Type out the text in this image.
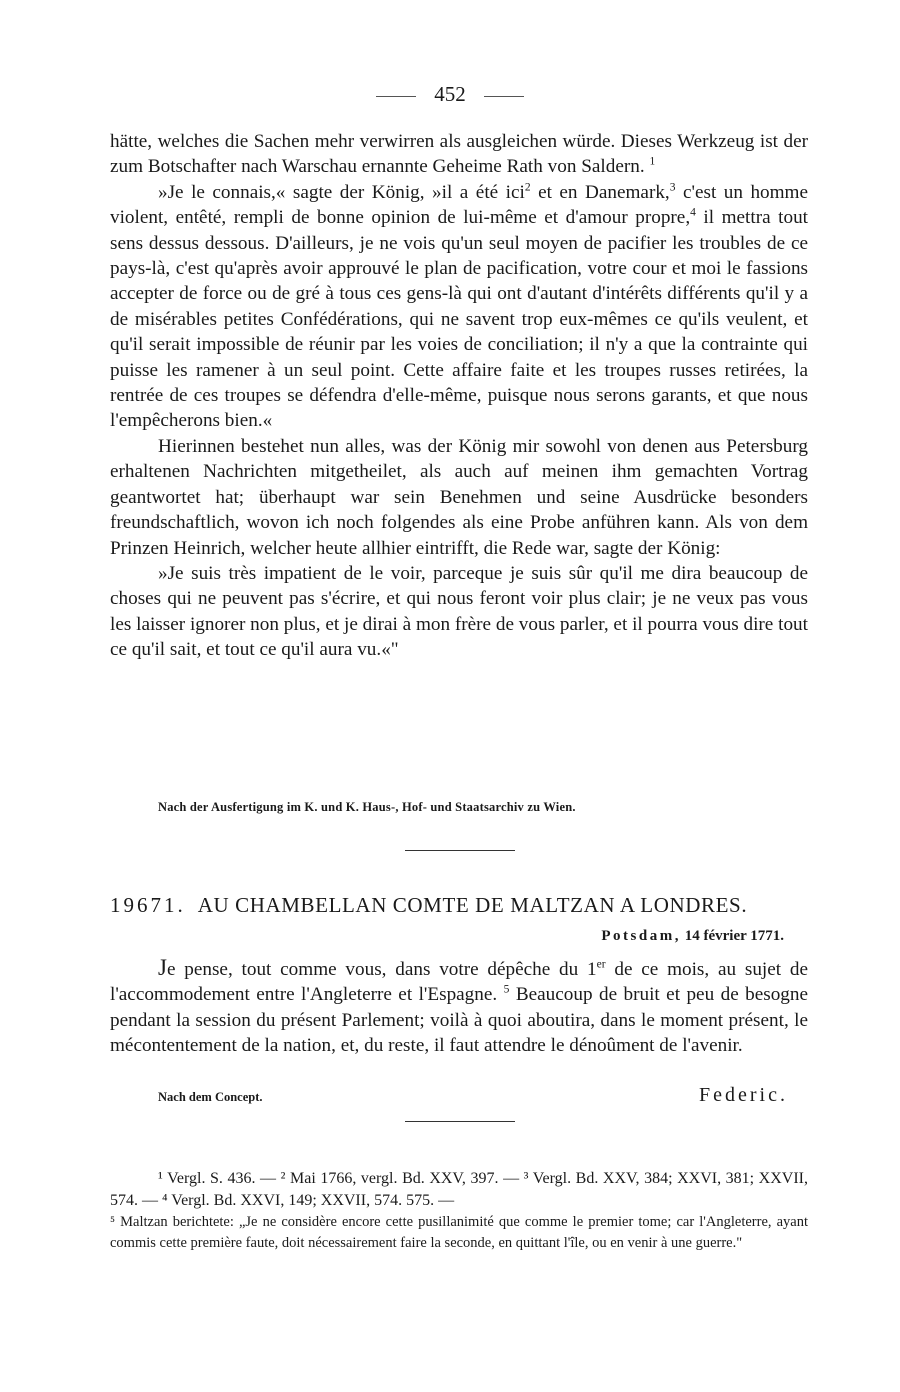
452

hätte, welches die Sachen mehr verwirren als ausgleichen würde. Dieses Werkzeug ist der zum Botschafter nach Warschau ernannte Geheime Rath von Saldern. $^1$

»Je le connais,« sagte der König, »il a été ici$^2$ et en Danemark,$^3$ c'est un homme violent, entêté, rempli de bonne opinion de lui-même et d'amour propre,$^4$ il mettra tout sens dessus dessous. D'ailleurs, je ne vois qu'un seul moyen de pacifier les troubles de ce pays-là, c'est qu'après avoir approuvé le plan de pacification, votre cour et moi le fassions accepter de force ou de gré à tous ces gens-là qui ont d'autant d'intérêts différents qu'il y a de misérables petites Confédérations, qui ne savent trop eux-mêmes ce qu'ils veulent, et qu'il serait impossible de réunir par les voies de conciliation; il n'y a que la contrainte qui puisse les ramener à un seul point. Cette affaire faite et les troupes russes retirées, la rentrée de ces troupes se défendra d'elle-même, puisque nous serons garants, et que nous l'empêcherons bien.«

Hierinnen bestehet nun alles, was der König mir sowohl von denen aus Petersburg erhaltenen Nachrichten mitgetheilet, als auch auf meinen ihm gemachten Vortrag geantwortet hat; überhaupt war sein Benehmen und seine Ausdrücke besonders freundschaftlich, wovon ich noch folgendes als eine Probe anführen kann. Als von dem Prinzen Heinrich, welcher heute allhier eintrifft, die Rede war, sagte der König:

»Je suis très impatient de le voir, parceque je suis sûr qu'il me dira beaucoup de choses qui ne peuvent pas s'écrire, et qui nous feront voir plus clair; je ne veux pas vous les laisser ignorer non plus, et je dirai à mon frère de vous parler, et il pourra vous dire tout ce qu'il sait, et tout ce qu'il aura vu.«"

Nach der Ausfertigung im K. und K. Haus-, Hof- und Staatsarchiv zu Wien.
19671. AU CHAMBELLAN COMTE DE MALTZAN A LONDRES.
Potsdam, 14 février 1771.

Je pense, tout comme vous, dans votre dépêche du 1er de ce mois, au sujet de l'accommodement entre l'Angleterre et l'Espagne. $^5$ Beaucoup de bruit et peu de besogne pendant la session du présent Parlement; voilà à quoi aboutira, dans le moment présent, le mécontentement de la nation, et, du reste, il faut attendre le dénoûment de l'avenir.

Nach dem Concept.	Federic.

¹ Vergl. S. 436. — ² Mai 1766, vergl. Bd. XXV, 397. — ³ Vergl. Bd. XXV, 384; XXVI, 381; XXVII, 574. — ⁴ Vergl. Bd. XXVI, 149; XXVII, 574. 575. —

⁵ Maltzan berichtete: „Je ne considère encore cette pusillanimité que comme le premier tome; car l'Angleterre, ayant commis cette première faute, doit nécessairement faire la seconde, en quittant l'île, ou en venir à une guerre."
